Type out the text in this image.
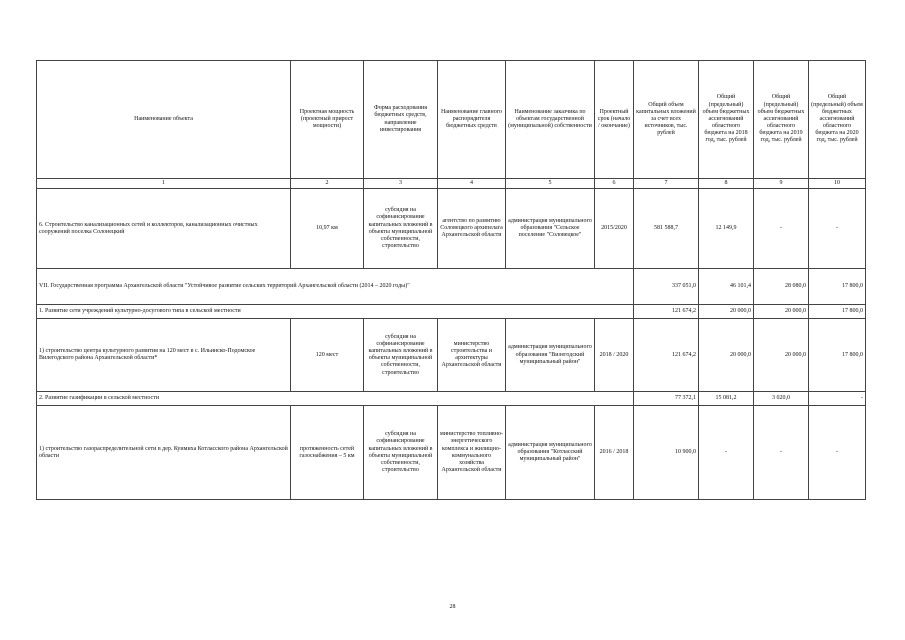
Наименование объекта	Проектная мощность (проектный прирост мощности)	Форма расходования бюджетных средств, направление инвестирования	Наименование главного распорядителя бюджетных средств	Наименование заказчика по объектам государственной (муниципальной) собственности	Проектный срок (начало / окончание)	Общий объем капитальных вложений за счет всех источников, тыс. рублей	Общий (предельный) объем бюджетных ассигнований областного бюджета на 2018 год, тыс. рублей	Общий (предельный) объем бюджетных ассигнований областного бюджета на 2019 год, тыс. рублей	Общий (предельный) объем бюджетных ассигнований областного бюджета на 2020 год, тыс. рублей
1	2	3	4	5	6	7	8	9	10
6. Строительство канализационных сетей и коллекторов, канализационных очистных сооружений поселка Солонецкий	10,97 км	субсидия на софинансирование капитальных вложений в объекты муниципальной собственности, строительство	агентство по развитию Соловецкого архипелага Архангельской области	администрация муниципального образования "Сельское поселение "Соловецкое"	2015/2020	581 588,7	12 149,9	-	-
VII. Государственная программа Архангельской области "Устойчивое развитие сельских территорий Архангельской области (2014 – 2020 годы)"						337 051,0	46 101,4	28 080,0	17 800,0
1. Развитие сети учреждений культурно-досугового типа в сельской местности						121 674,2	20 000,0	20 000,0	17 800,0
1) строительство центра культурного развития на 120 мест в с. Ильинско-Подомское Вилегодского района Архангельской области*	120 мест	субсидия на софинансирование капитальных вложений в объекты муниципальной собственности, строительство	министерство строительства и архитектуры Архангельской области	администрация муниципального образования "Вилегодский муниципальный район"	2018 / 2020	121 674,2	20 000,0	20 000,0	17 800,0
2. Развитие газификации в сельской местности						77 372,1	15 081,2	3 020,0	-
1) строительство газораспределительной сети в дер. Куимиха Котласского района Архангельской области	протяженность сетей газоснабжения – 5 км	субсидия на софинансирование капитальных вложений в объекты муниципальной собственности, строительство	министерство топливно-энергетического комплекса и жилищно-коммунального хозяйства Архангельской области	администрация муниципального образования "Котласский муниципальный район"	2016 / 2018	10 900,0	-	-	-
28
